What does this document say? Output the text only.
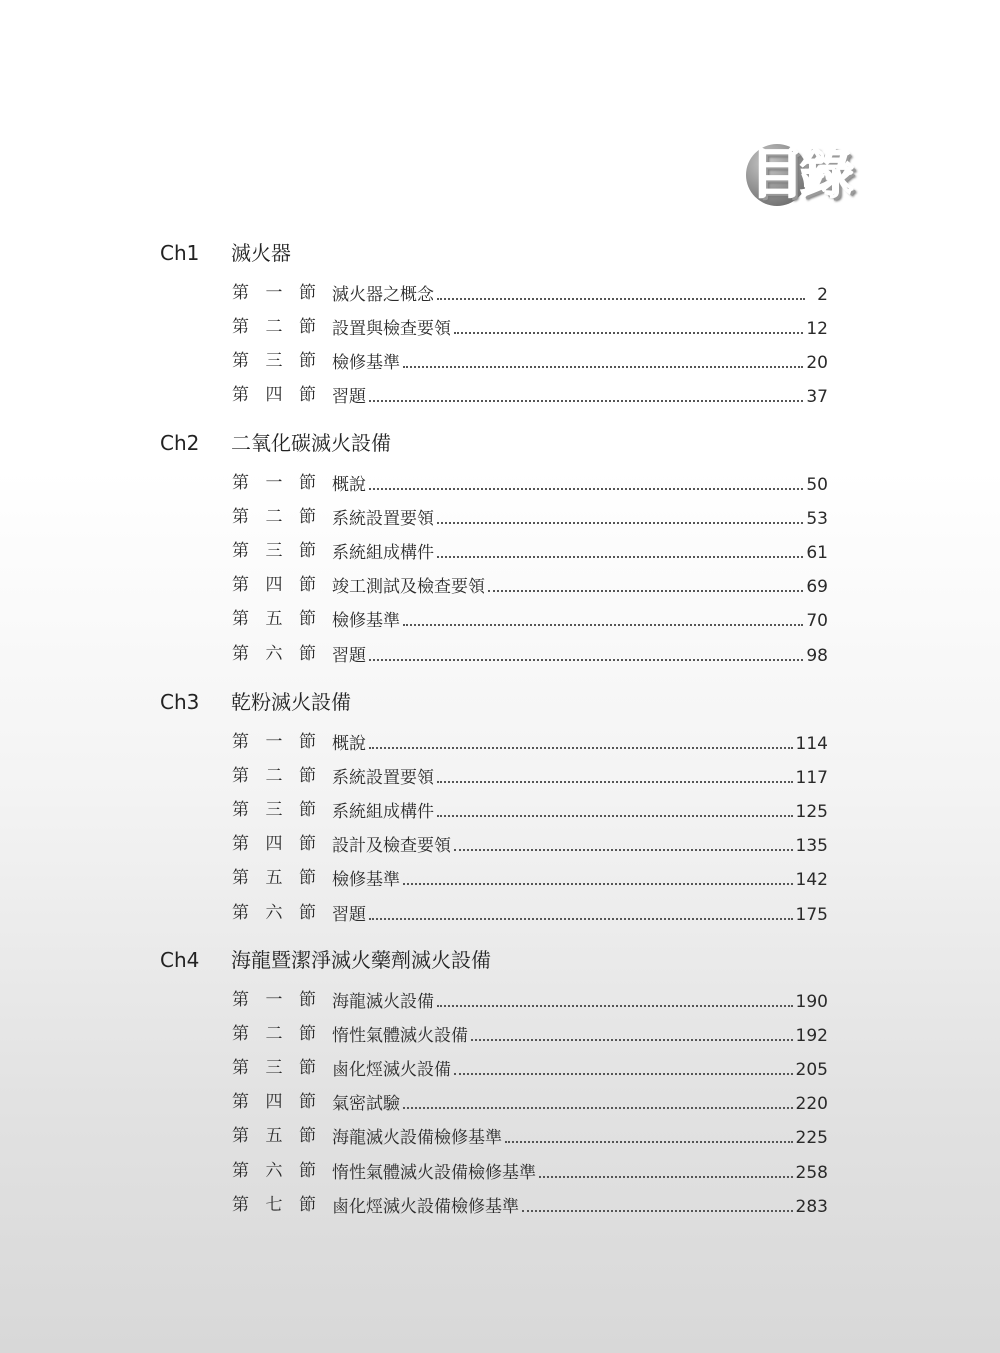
目錄
Ch1 滅火器
第 一 節 滅火器之概念	2
第 二 節 設置與檢查要領	12
第 三 節 檢修基準	20
第 四 節 習題	37
Ch2 二氧化碳滅火設備
第 一 節 概說	50
第 二 節 系統設置要領	53
第 三 節 系統組成構件	61
第 四 節 竣工測試及檢查要領	69
第 五 節 檢修基準	70
第 六 節 習題	98
Ch3 乾粉滅火設備
第 一 節 概說	114
第 二 節 系統設置要領	117
第 三 節 系統組成構件	125
第 四 節 設計及檢查要領	135
第 五 節 檢修基準	142
第 六 節 習題	175
Ch4 海龍暨潔淨滅火藥劑滅火設備
第 一 節 海龍滅火設備	190
第 二 節 惰性氣體滅火設備	192
第 三 節 鹵化烴滅火設備	205
第 四 節 氣密試驗	220
第 五 節 海龍滅火設備檢修基準	225
第 六 節 惰性氣體滅火設備檢修基準	258
第 七 節 鹵化烴滅火設備檢修基準	283
